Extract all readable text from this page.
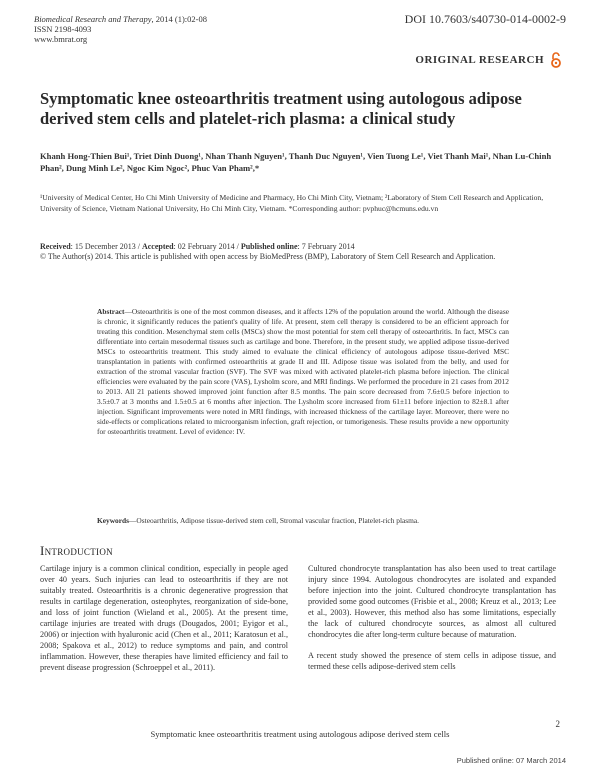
Biomedical Research and Therapy, 2014 (1):02-08
ISSN 2198-4093
www.bmrat.org
DOI 10.7603/s40730-014-0002-9
ORIGINAL RESEARCH
Symptomatic knee osteoarthritis treatment using autologous adipose derived stem cells and platelet-rich plasma: a clinical study
Khanh Hong-Thien Bui¹, Triet Dinh Duong¹, Nhan Thanh Nguyen¹, Thanh Duc Nguyen¹, Vien Tuong Le¹, Viet Thanh Mai¹, Nhan Lu-Chinh Phan², Dung Minh Le², Ngoc Kim Ngoc², Phuc Van Pham²,*
¹University of Medical Center, Ho Chi Minh University of Medicine and Pharmacy, Ho Chi Minh City, Vietnam; ²Laboratory of Stem Cell Research and Application, University of Science, Vietnam National University, Ho Chi Minh City, Vietnam. *Corresponding author: pvphuc@hcmuns.edu.vn
Received: 15 December 2013 / Accepted: 02 February 2014 / Published online: 7 February 2014
© The Author(s) 2014. This article is published with open access by BioMedPress (BMP), Laboratory of Stem Cell Research and Application.
Abstract—Osteoarthritis is one of the most common diseases, and it affects 12% of the population around the world. Although the disease is chronic, it significantly reduces the patient's quality of life. At present, stem cell therapy is considered to be an efficient approach for treating this condition. Mesenchymal stem cells (MSCs) show the most potential for stem cell therapy of osteoarthritis. In fact, MSCs can differentiate into certain mesodermal tissues such as cartilage and bone. Therefore, in the present study, we applied adipose tissue-derived MSCs to osteoarthritis treatment. This study aimed to evaluate the clinical efficiency of autologous adipose tissue-derived MSC transplantation in patients with confirmed osteoarthritis at grade II and III. Adipose tissue was isolated from the belly, and used for extraction of the stromal vascular fraction (SVF). The SVF was mixed with activated platelet-rich plasma before injection. The clinical efficiencies were evaluated by the pain score (VAS), Lysholm score, and MRI findings. We performed the procedure in 21 cases from 2012 to 2013. All 21 patients showed improved joint function after 8.5 months. The pain score decreased from 7.6±0.5 before injection to 3.5±0.7 at 3 months and 1.5±0.5 at 6 months after injection. The Lysholm score increased from 61±11 before injection to 82±8.1 after injection. Significant improvements were noted in MRI findings, with increased thickness of the cartilage layer. Moreover, there were no side-effects or complications related to microorganism infection, graft rejection, or tumorigenesis. These results provide a new opportunity for osteoarthritis treatment. Level of evidence: IV.
Keywords—Osteoarthritis, Adipose tissue-derived stem cell, Stromal vascular fraction, Platelet-rich plasma.
Introduction

Cartilage injury is a common clinical condition, especially in people aged over 40 years. Such injuries can lead to osteoarthritis if they are not suitably treated. Osteoarthritis is a chronic degenerative progression that results in cartilage degeneration, osteophytes, reorganization of side-bone, and loss of joint function (Wieland et al., 2005). At the present time, cartilage injuries are treated with drugs (Dougados, 2001; Eyigor et al., 2006) or injection with hyaluronic acid (Chen et al., 2011; Karatosun et al., 2008; Spakova et al., 2012) to reduce symptoms and pain, and control inflammation. However, these therapies have limited efficiency and fail to prevent disease progression (Schroeppel et al., 2011).

Cultured chondrocyte transplantation has also been used to treat cartilage injury since 1994. Autologous chondrocytes are isolated and expanded before injection into the joint. Cultured chondrocyte transplantation has provided some good outcomes (Frisbie et al., 2008; Kreuz et al., 2013; Lee et al., 2003). However, this method also has some limitations, especially the lack of cultured chondrocyte sources, as almost all cultured chondrocytes die after long-term culture because of maturation.

A recent study showed the presence of stem cells in adipose tissue, and termed these cells adipose-derived stem cells

2
Symptomatic knee osteoarthritis treatment using autologous adipose derived stem cells
Published online: 07 March 2014
